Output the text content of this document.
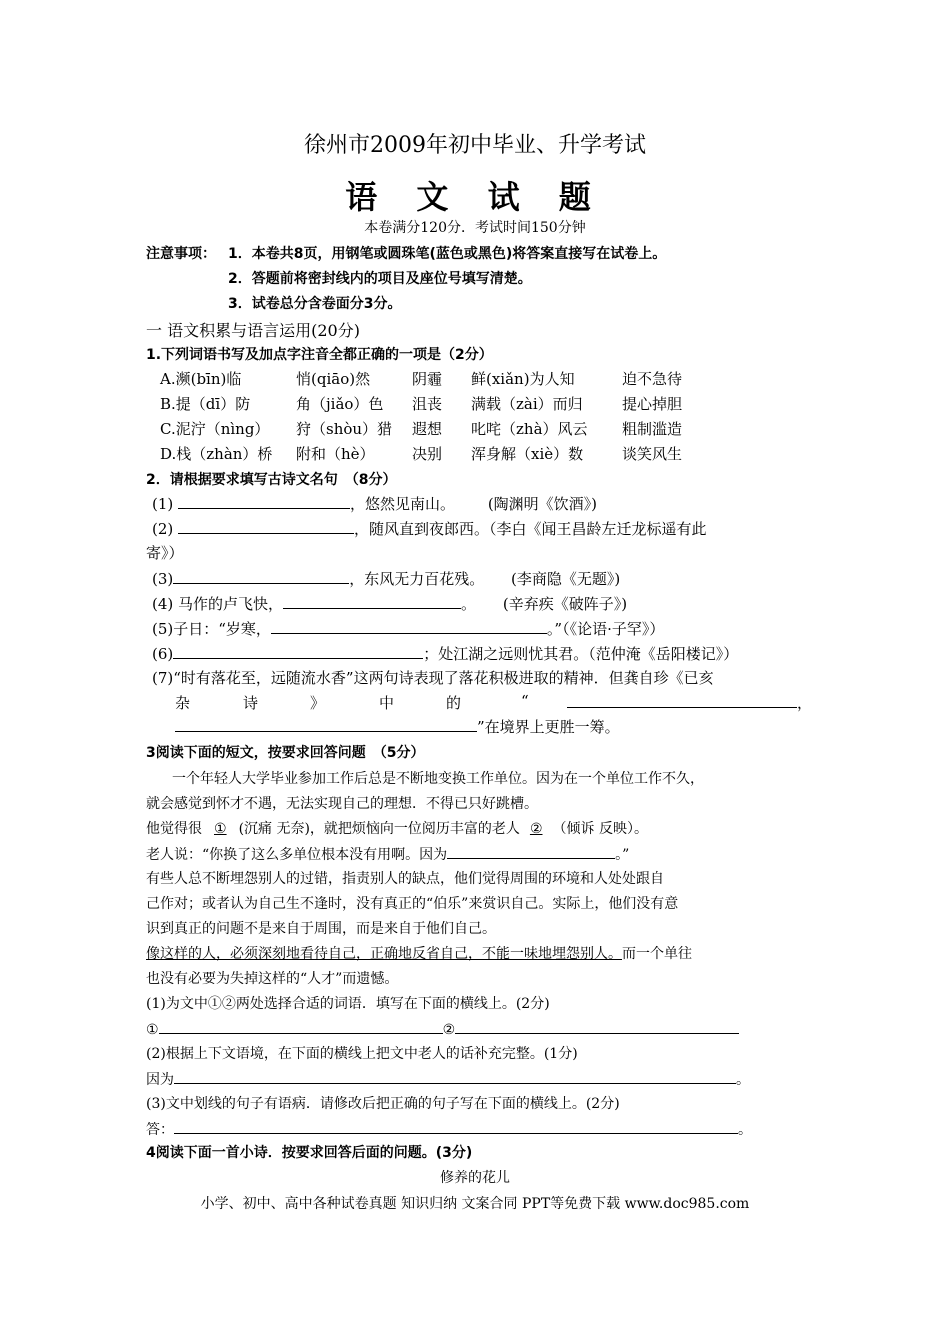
徐州市2009年初中毕业、升学考试
语 文 试 题
本卷满分120分．考试时间150分钟
注意事项： 1．本卷共8页，用钢笔或圆珠笔(蓝色或黑色)将答案直接写在试卷上。
2．答题前将密封线内的项目及座位号填写清楚。
3．试卷总分含卷面分3分。
一 语文积累与语言运用(20分)
1.下列词语书写及加点字注音全都正确的一项是（2分）
A.濒(bīn)临	悄(qiāo)然	阴霾 鲜(xiǎn)为人知	迫不急待
B.提（dī）防	角（jiǎo）色 沮丧 满载（zài）而归	提心掉胆
C.泥泞（nìng） 狩（shòu）猎 遐想 叱咤（zhà）风云 粗制滥造
D.栈（zhàn）桥 附和（hè） 决别 浑身解（xiè）数	谈笑风生
2．请根据要求填写古诗文名句　（8分）
(1)	，悠然见南山。 (陶渊明《饮酒》)
(2)	，随风直到夜郎西。（李白《闻王昌龄左迁龙标遥有此
寄》）
(3)	，东风无力百花残。 (李商隐《无题》)
(4) 马作的卢飞快，	。 (辛弃疾《破阵子》)
(5)子日：“岁寒，	。”（《论语·子罕》）
(6)	；处江湖之远则忧其君。（范仲淹《岳阳楼记》）
(7)“时有落花至，远随流水香”这两句诗表现了落花积极进取的精神．但龚自珍《已亥
杂	诗	》	中	的	“	，
”在境界上更胜一筹。
3阅读下面的短文，按要求回答问题　（5分）
一个年轻人大学毕业参加工作后总是不断地变换工作单位。因为在一个单位工作不久，
就会感觉到怀才不遇，无法实现自己的理想．不得已只好跳槽。
他觉得很 ① (沉痛 无奈)，就把烦恼向一位阅历丰富的老人 ② （倾诉 反映）。
老人说：“你换了这么多单位根本没有用啊。因为	。”
有些人总不断埋怨别人的过错，指责别人的缺点，他们觉得周围的环境和人处处跟自
己作对；或者认为自己生不逢时，没有真正的“伯乐”来赏识自己。实际上，他们没有意
识到真正的问题不是来自于周围，而是来自于他们自己。
像这样的人，必须深刻地看待自己，正确地反省自己，不能一味地埋怨别人。而一个单往
也没有必要为失掉这样的“人才”而遗憾。
(1)为文中①②两处选择合适的词语．填写在下面的横线上。(2分)
①	②
(2)根据上下文语境，在下面的横线上把文中老人的话补充完整。(1分)
因为	。
(3)文中划线的句子有语病．请修改后把正确的句子写在下面的横线上。(2分)
答：	。
4阅读下面一首小诗．按要求回答后面的问题。(3分)
修养的花儿
小学、初中、高中各种试卷真题 知识归纳 文案合同 PPT等免费下载 www.doc985.com
